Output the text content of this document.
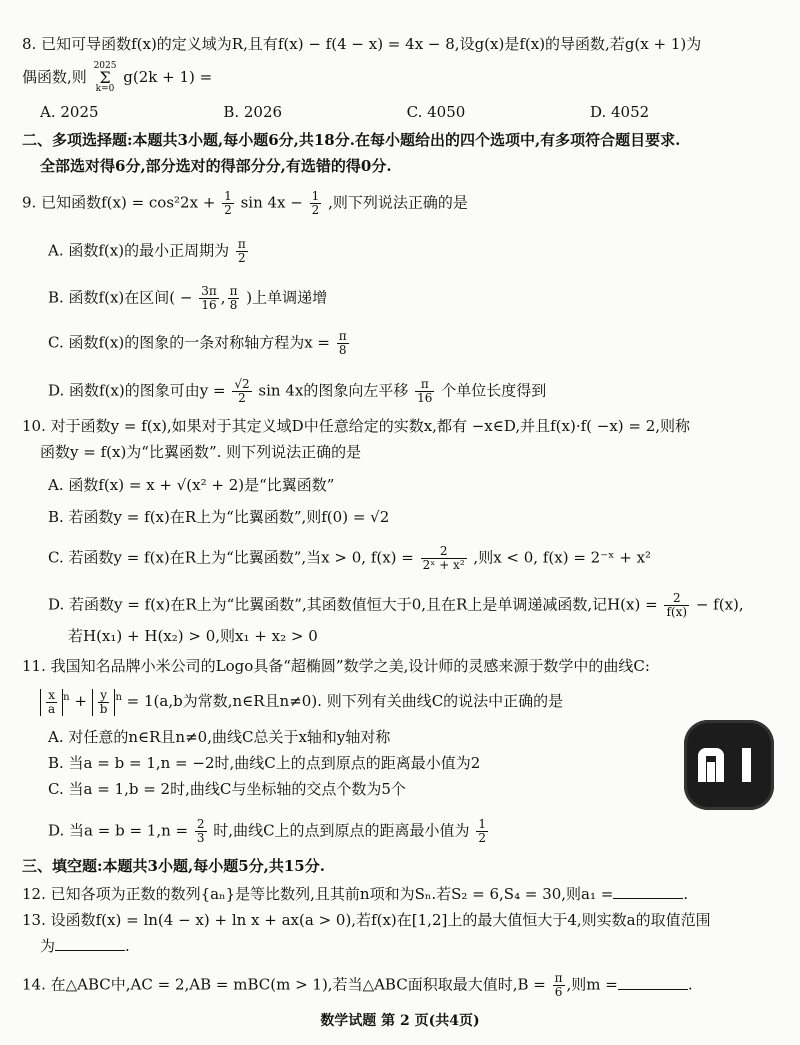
8. 已知可导函数f(x)的定义域为R,且有f(x) − f(4 − x) = 4x − 8,设g(x)是f(x)的导函数,若g(x + 1)为
偶函数,则 2025
Σ
k=0 g(2k + 1) =
A. 2025	B. 2026	C. 4050	D. 4052
二、多项选择题:本题共3小题,每小题6分,共18分.在每小题给出的四个选项中,有多项符合题目要求.
全部选对得6分,部分选对的得部分分,有选错的得0分.
9. 已知函数$f(x) = \cos^22x + \frac{1}{2}$ $\sin 4x - \frac{1}{2}$ ,则下列说法正确的是
A. 函数f(x)的最小正周期为 $\frac{\pi}{2}$
B. 函数f(x)在区间( − $\frac{3\pi}{16}$ , $\frac{\pi}{8}$ )上单调递增
C. 函数f(x)的图象的一条对称轴方程为$x = \frac{\pi}{8}$
D. 函数f(x)的图象可由$y = \frac{√2}{2}$ sin 4x的图象向左平移 $\frac{\pi}{16}$ 个单位长度得到
10. 对于函数y = f(x),如果对于其定义域D中任意给定的实数x,都有 −x∈D,并且f(x)·f( −x) = 2,则称
函数y = f(x)为“比翼函数”. 则下列说法正确的是
A. 函数f(x) = x + √(x² + 2)是“比翼函数”
B. 若函数y = f(x)在R上为“比翼函数”,则f(0) = √2
C. 若函数y = f(x)在R上为“比翼函数”,当x > 0, $f(x) = \frac{2}{\text{2ˣ + x²}}$ ,则x < 0, f(x) = 2⁻ˣ + x²
D. 若函数y = f(x)在R上为“比翼函数”,其函数值恒大于0,且在R上是单调递减函数,记$H(x) = \frac{2}{f(x)} - f(x)$,
若H(x₁) + H(x₂) > 0,则x₁ + x₂ > 0
11. 我国知名品牌小米公司的Logo具备“超椭圆”数学之美,设计师的灵感来源于数学中的曲线C:
$\frac{x}{a} ^n + \frac{y}{b} ^n = 1(a,b$为常数,n∈R且n≠0). 则下列有关曲线C的说法中正确的是
A. 对任意的n∈R且n≠0,曲线C总关于x轴和y轴对称
B. 当a = b = 1,n = −2时,曲线C上的点到原点的距离最小值为2
C. 当a = 1,b = 2时,曲线C与坐标轴的交点个数为5个
D. 当$a = b = 1,n = \frac{2}{3}$ 时,曲线C上的点到原点的距离最小值为 $\frac{1}{2}$
三、填空题:本题共3小题,每小题5分,共15分.
12. 已知各项为正数的数列{aₙ}是等比数列,且其前n项和为Sₙ.若S₂ = 6,S₄ = 30,则a₁ =	.
13. 设函数f(x) = ln(4 − x) + ln x + ax(a > 0),若f(x)在[1,2]上的最大值恒大于4,则实数a的取值范围
为	.
14. 在△ABC中,AC = 2,AB = mBC(m > 1),若当△ABC面积取最大值时$,B = \frac{\pi}{6}$ ,则m =	.
数学试题 第 2 页(共4页)
